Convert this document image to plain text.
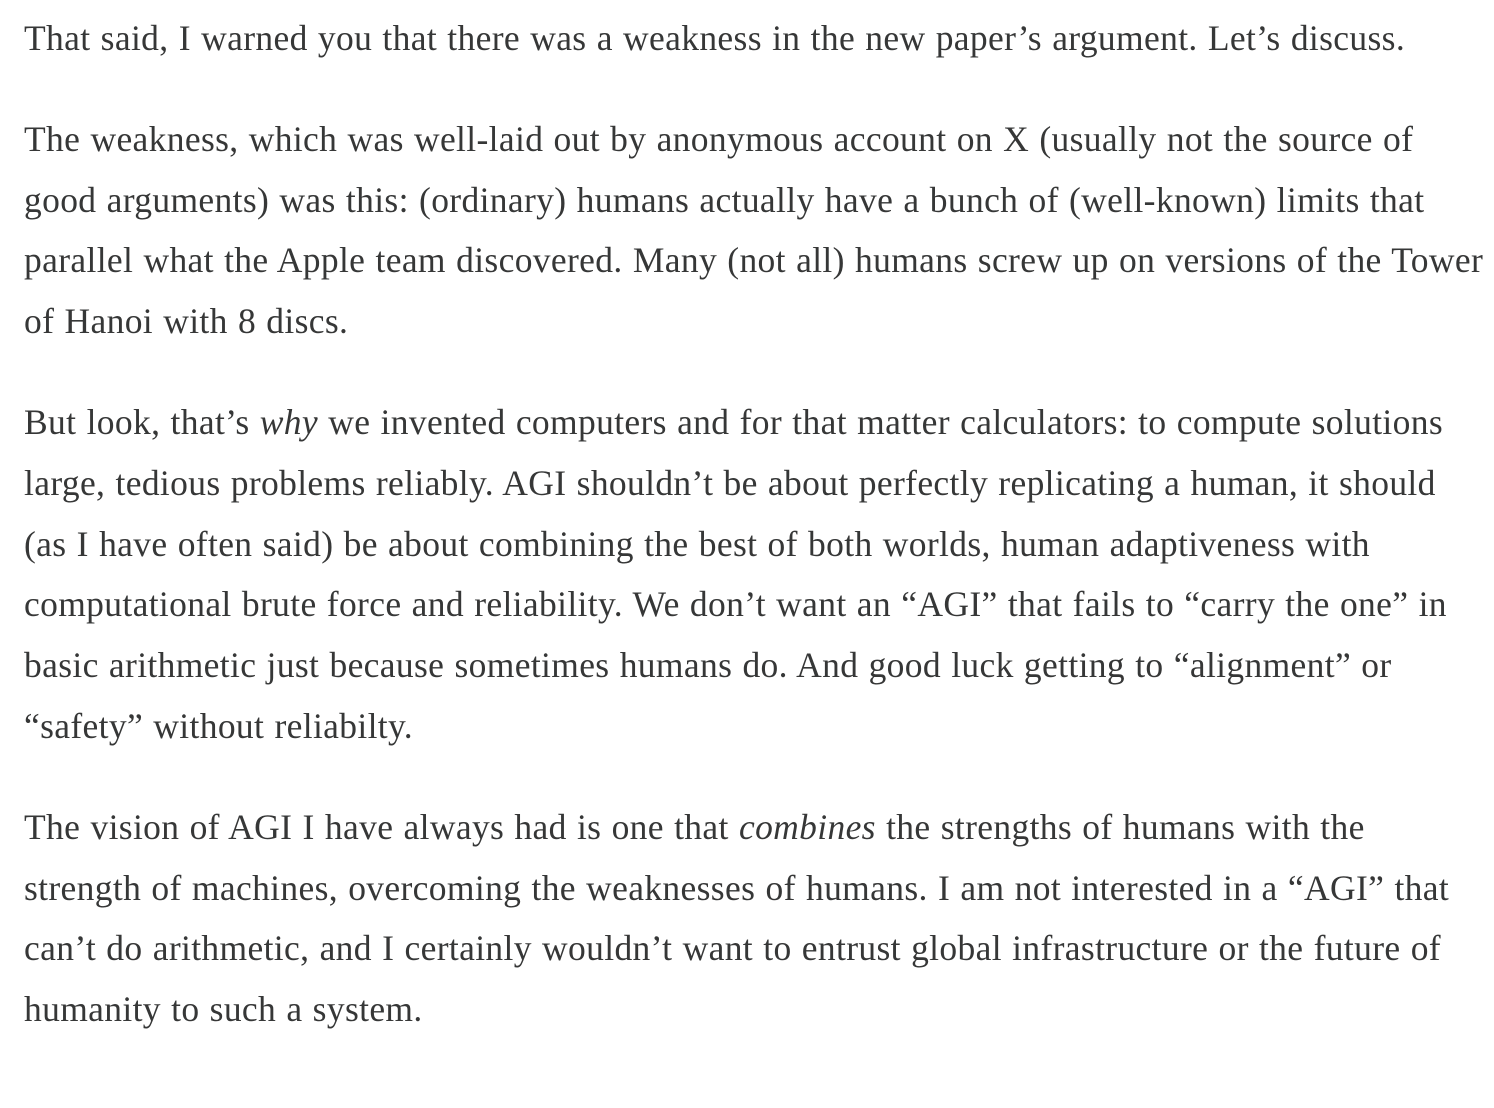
That said, I warned you that there was a weakness in the new paper’s argument. Let’s discuss.

The weakness, which was well-laid out by anonymous account on X (usually not the source of good arguments) was this: (ordinary) humans actually have a bunch of (well-known) limits that parallel what the Apple team discovered. Many (not all) humans screw up on versions of the Tower of Hanoi with 8 discs.

But look, that’s why we invented computers and for that matter calculators: to compute solutions large, tedious problems reliably. AGI shouldn’t be about perfectly replicating a human, it should (as I have often said) be about combining the best of both worlds, human adaptiveness with computational brute force and reliability. We don’t want an “AGI” that fails to “carry the one” in basic arithmetic just because sometimes humans do. And good luck getting to “alignment” or “safety” without reliabilty.

The vision of AGI I have always had is one that combines the strengths of humans with the strength of machines, overcoming the weaknesses of humans. I am not interested in a “AGI” that can’t do arithmetic, and I certainly wouldn’t want to entrust global infrastructure or the future of humanity to such a system.
